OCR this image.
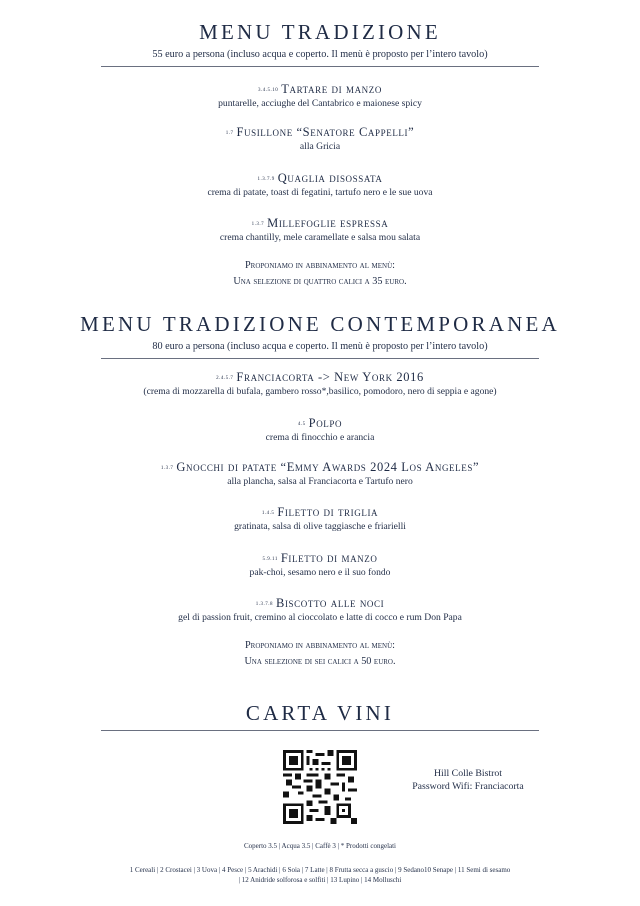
MENU TRADIZIONE
55 euro a persona (incluso acqua e coperto. Il menù è proposto per l’intero tavolo)
3.4.5.10 Tartare di manzo
puntarelle, acciughe del Cantabrico e maionese spicy
1.7 Fusillone “Senatore Cappelli”
alla Gricia
1.3.7.9 Quaglia disossata
crema di patate, toast di fegatini, tartufo nero e le sue uova
1.3.7 Millefoglie espressa
crema chantilly, mele caramellate e salsa mou salata
Proponiamo in abbinamento al menù:
Una selezione di quattro calici a 35 euro.
MENU TRADIZIONE CONTEMPORANEA
80 euro a persona (incluso acqua e coperto. Il menù è proposto per l’intero tavolo)
2.4.5.7 Franciacorta -> New York 2016
(crema di mozzarella di bufala, gambero rosso*,basilico, pomodoro, nero di seppia e agone)
4.5 Polpo
crema di finocchio e arancia
1.3.7 Gnocchi di patate “Emmy Awards 2024 Los Angeles”
alla plancha, salsa al Franciacorta e Tartufo nero
1.4.5 Filetto di triglia
gratinata, salsa di olive taggiasche e friarielli
5.9.11 Filetto di manzo
pak-choi, sesamo nero e il suo fondo
1.3.7.8 Biscotto alle noci
gel di passion fruit, cremino al cioccolato e latte di cocco e rum Don Papa
Proponiamo in abbinamento al menù:
Una selezione di sei calici a 50 euro.
CARTA VINI
Hill Colle Bistrot
Password Wifi: Franciacorta
Coperto 3.5 | Acqua 3.5 | Caffè 3 | * Prodotti congelati
1 Cereali | 2 Crostacei | 3 Uova | 4 Pesce | 5 Arachidi | 6 Soia | 7 Latte | 8 Frutta secca a guscio | 9 Sedano10 Senape | 11 Semi di sesamo
| 12 Anidride solforosa e solfiti | 13 Lupino | 14 Molluschi
